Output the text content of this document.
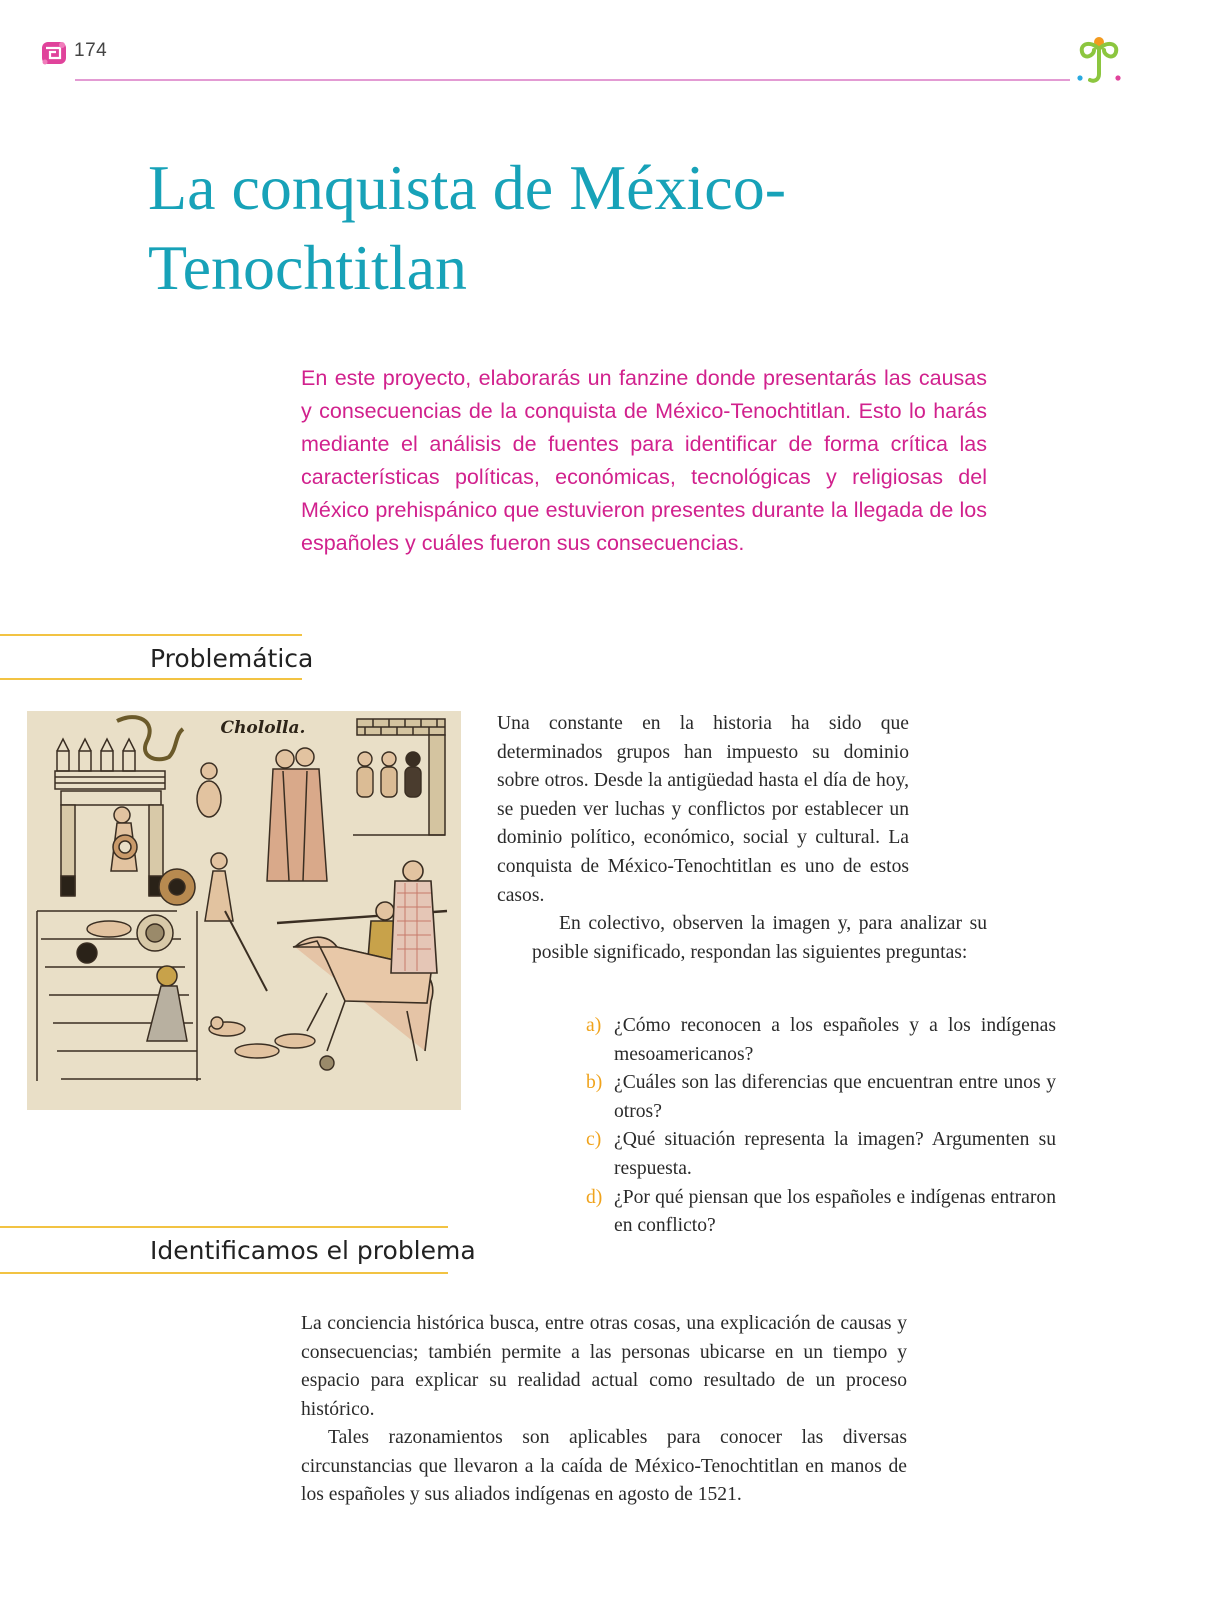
174
La conquista de México-Tenochtitlan

En este proyecto, elaborarás un fanzine donde presentarás las causas y consecuencias de la conquista de México-Tenochtitlan. Esto lo harás mediante el análisis de fuentes para identificar de forma crítica las características políticas, económicas, tecnológicas y religiosas del México prehispánico que estuvieron presentes durante la llegada de los españoles y cuáles fueron sus consecuencias.

Problemática
Chololla.	Una constante en la historia ha sido que determinados grupos han impuesto su dominio sobre otros. Desde la antigüedad hasta el día de hoy, se pueden ver luchas y conflictos por establecer un dominio político, económico, social y cultural. La conquista de México-Tenochtitlan es uno de estos casos.

En colectivo, observen la imagen y, para analizar su posible significado, respondan las siguientes preguntas:

a) ¿Cómo reconocen a los españoles y a los indígenas mesoamericanos?
b) ¿Cuáles son las diferencias que encuentran entre unos y otros?
c) ¿Qué situación representa la imagen? Argumenten su respuesta.
d) ¿Por qué piensan que los españoles e indígenas entraron en conflicto?
Identificamos el problema

La conciencia histórica busca, entre otras cosas, una explicación de causas y consecuencias; también permite a las personas ubicarse en un tiempo y espacio para explicar su realidad actual como resultado de un proceso histórico.

Tales razonamientos son aplicables para conocer las diversas circunstancias que llevaron a la caída de México-Tenochtitlan en manos de los españoles y sus aliados indígenas en agosto de 1521.
